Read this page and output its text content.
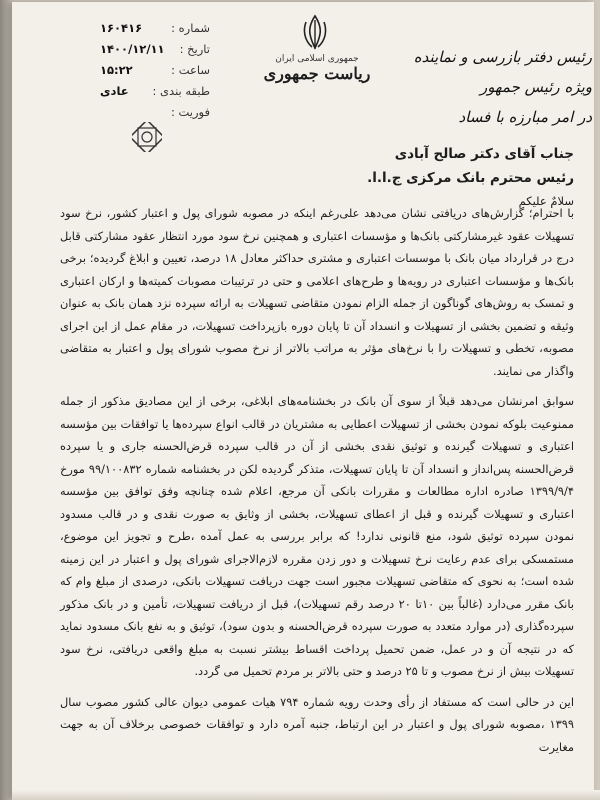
شماره :
۱۶۰۴۱۶
تاریخ :
۱۴۰۰/۱۲/۱۱
ساعت :
۱۵:۲۲
طبقه بندی :
عادی
فوریت :
جمهوری اسلامی ایران
ریاست جمهوری
رئیس دفتر بازرسی و نماینده ویژه رئیس جمهور
در امر مبارزه با فساد
جناب آقای دکتر صالح آبادی
رئیس محترم بانک مرکزی ج.ا.ا.
سلامٌ علیکم

با احترام؛ گزارش‌های دریافتی نشان می‌دهد علی‌رغم اینکه در مصوبه شورای پول و اعتبار کشور، نرخ سود تسهیلات عقود غیرمشارکتی بانک‌ها و مؤسسات اعتباری و همچنین نرخ سود مورد انتظار عقود مشارکتی قابل درج در قرارداد میان بانک با موسسات اعتباری و مشتری حداکثر معادل ۱۸ درصد، تعیین و ابلاغ گردیده؛ برخی بانک‌ها و مؤسسات اعتباری در رویه‌ها و طرح‌های اعلامی و حتی در ترتیبات مصوبات کمیته‌ها و ارکان اعتباری و تمسک به روش‌های گوناگون از جمله الزام نمودن متقاضی تسهیلات به ارائه سپرده نزد همان بانک به عنوان وثیقه و تضمین بخشی از تسهیلات و انسداد آن تا پایان دوره بازپرداخت تسهیلات، در مقام عمل از این اجرای مصوبه، تخطی و تسهیلات را با نرخ‌های مؤثر به مراتب بالاتر از نرخ مصوب شورای پول و اعتبار به متقاضی واگذار می نمایند.

سوابق امرنشان می‌دهد قبلاً از سوی آن بانک در بخشنامه‌های ابلاغی، برخی از این مصادیق مذکور از جمله ممنوعیت بلوکه نمودن بخشی از تسهیلات اعطایی به مشتریان در قالب انواع سپرده‌ها یا توافقات بین مؤسسه اعتباری و تسهیلات گیرنده و توثیق نقدی بخشی از آن در قالب سپرده قرض‌الحسنه جاری و یا سپرده قرض‌الحسنه پس‌انداز و انسداد آن تا پایان تسهیلات، متذکر گردیده لکن در بخشنامه شماره ۹۹/۱۰۰۸۳۲ مورخ ۱۳۹۹/۹/۴ صادره اداره مطالعات و مقررات بانکی آن مرجع، اعلام شده چنانچه وفق توافق بین مؤسسه اعتباری و تسهیلات گیرنده و قبل از اعطای تسهیلات، بخشی از وثایق به صورت نقدی و در قالب مسدود نمودن سپرده توثیق شود، منع قانونی ندارد! که برابر بررسی به عمل آمده ،طرح و تجویز این موضوع، مستمسکی برای عدم رعایت نرخ تسهیلات و دور زدن مقرره لازم‌الاجرای شورای پول و اعتبار در این زمینه شده است؛ به نحوی که متقاضی تسهیلات مجبور است جهت دریافت تسهیلات بانکی، درصدی از مبلغ وام که بانک مقرر می‌دارد (غالباً بین ۱۰تا ۲۰ درصد رقم تسهیلات)، قبل از دریافت تسهیلات، تأمین و در بانک مذکور سپرده‌گذاری (در موارد متعدد به صورت سپرده قرض‌الحسنه و بدون سود)، توثیق و به نفع بانک مسدود نماید که در نتیجه آن و در عمل، ضمن تحمیل پرداخت اقساط بیشتر نسبت به مبلغ واقعی دریافتی، نرخ سود تسهیلات بیش از نرخ مصوب و تا ۲۵ درصد و حتی بالاتر بر مردم تحمیل می گردد.

این در حالی است که مستفاد از رأی وحدت رویه شماره ۷۹۴ هیات عمومی دیوان عالی کشور مصوب سال ۱۳۹۹ ،مصوبه شورای پول و اعتبار در این ارتباط، جنبه آمره دارد و توافقات خصوصی برخلاف آن به جهت مغایرت
